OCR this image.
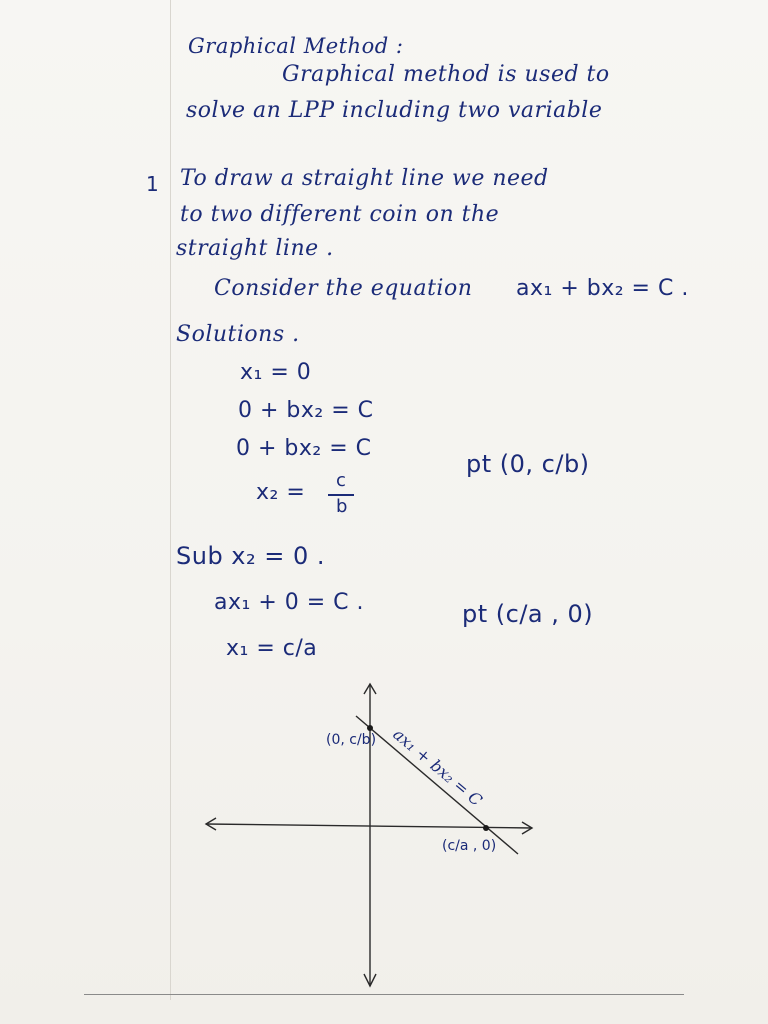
Graphical Method :
Graphical method is used to
solve an LPP including two variable
1 To draw a straight line we need
to two different coin on the
straight line .
Consider the equation ax₁ + bx₂ = C .
Solutions .
x₁ = 0
0 + bx₂ = C
0 + bx₂ = C
x₂ = c
b
pt (0, c/b)
Sub x₂ = 0 .
ax₁ + 0 = C .
x₁ = c/a
pt (c/a , 0)
(0, c/b)
(c/a , 0)
ax₁ + bx₂ = C
